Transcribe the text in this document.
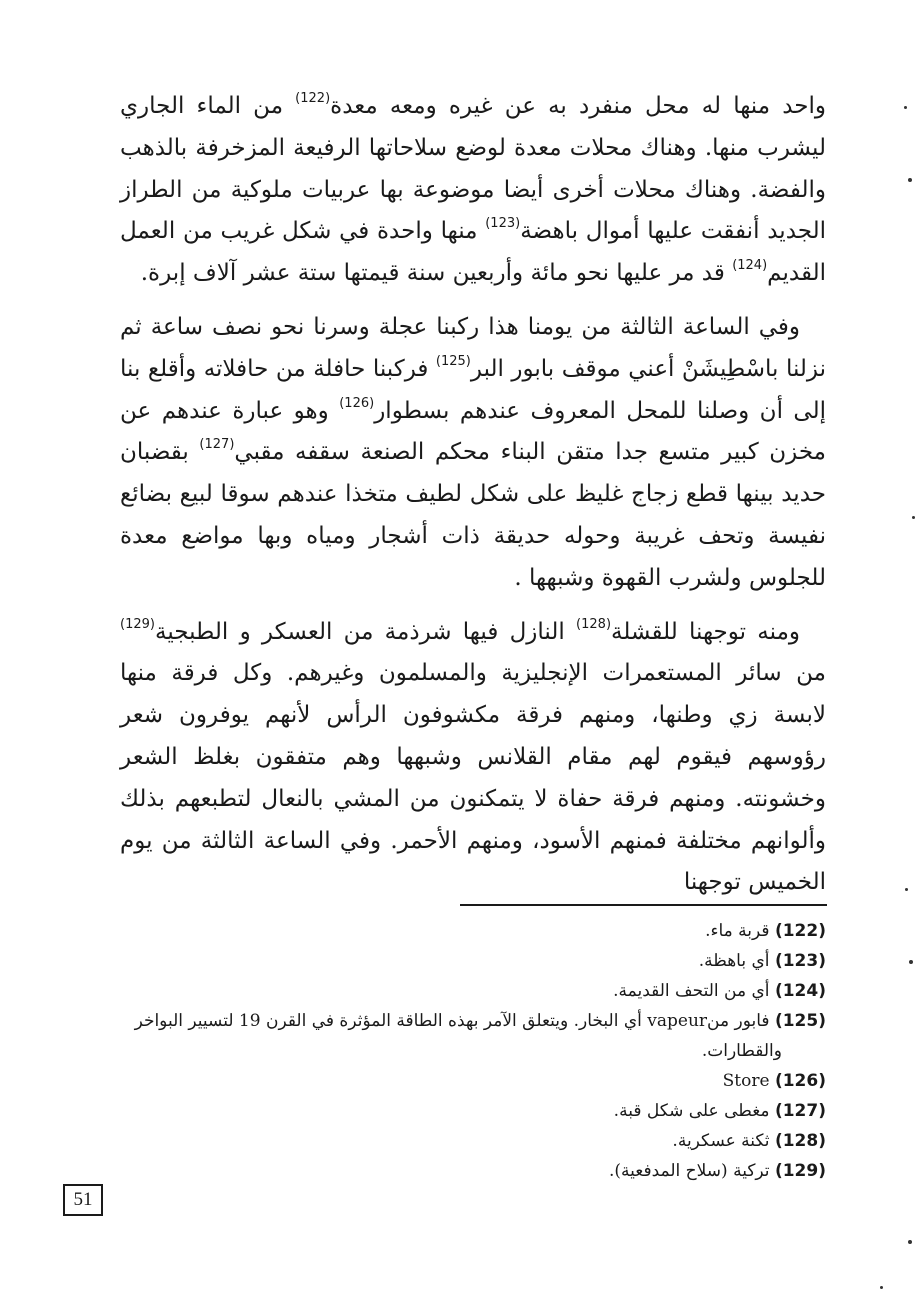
واحد منها له محل منفرد به عن غيره ومعه معدة$^{(122)}$ من الماء الجاري ليشرب منها. وهناك محلات معدة لوضع سلاحاتها الرفيعة المزخرفة بالذهب والفضة. وهناك محلات أخرى أيضا موضوعة بها عربيات ملوكية من الطراز الجديد أنفقت عليها أموال باهضة$^{(123)}$ منها واحدة في شكل غريب من العمل القديم$^{(124)}$ قد مر عليها نحو مائة وأربعين سنة قيمتها ستة عشر آلاف إبرة.

وفي الساعة الثالثة من يومنا هذا ركبنا عجلة وسرنا نحو نصف ساعة ثم نزلنا باسْطِيشَنْ أعني موقف بابور البر$^{(125)}$ فركبنا حافلة من حافلاته وأقلع بنا إلى أن وصلنا للمحل المعروف عندهم بسطوار$^{(126)}$ وهو عبارة عندهم عن مخزن كبير متسع جدا متقن البناء محكم الصنعة سقفه مقبي$^{(127)}$ بقضبان حديد بينها قطع زجاج غليظ على شكل لطيف متخذا عندهم سوقا لبيع بضائع نفيسة وتحف غريبة وحوله حديقة ذات أشجار ومياه وبها مواضع معدة للجلوس ولشرب القهوة وشبهها .

ومنه توجهنا للقشلة$^{(128)}$ النازل فيها شرذمة من العسكر و الطبجية$^{(129)}$ من سائر المستعمرات الإنجليزية والمسلمون وغيرهم. وكل فرقة منها لابسة زي وطنها، ومنهم فرقة مكشوفون الرأس لأنهم يوفرون شعر رؤوسهم فيقوم لهم مقام القلانس وشبهها وهم متفقون بغلظ الشعر وخشونته. ومنهم فرقة حفاة لا يتمكنون من المشي بالنعال لتطبعهم بذلك وألوانهم مختلفة فمنهم الأسود، ومنهم الأحمر. وفي الساعة الثالثة من يوم الخميس توجهنا

(122) قربة ماء.

(123) أي باهظة.

(124) أي من التحف القديمة.

(125) فابور منvapeur أي البخار. ويتعلق الآمر بهذه الطاقة المؤثرة في القرن 19 لتسيير البواخر
والقطارات.

(126) Store

(127) مغطى على شكل قبة.

(128) ثكنة عسكرية.

(129) تركية (سلاح المدفعية).

51
